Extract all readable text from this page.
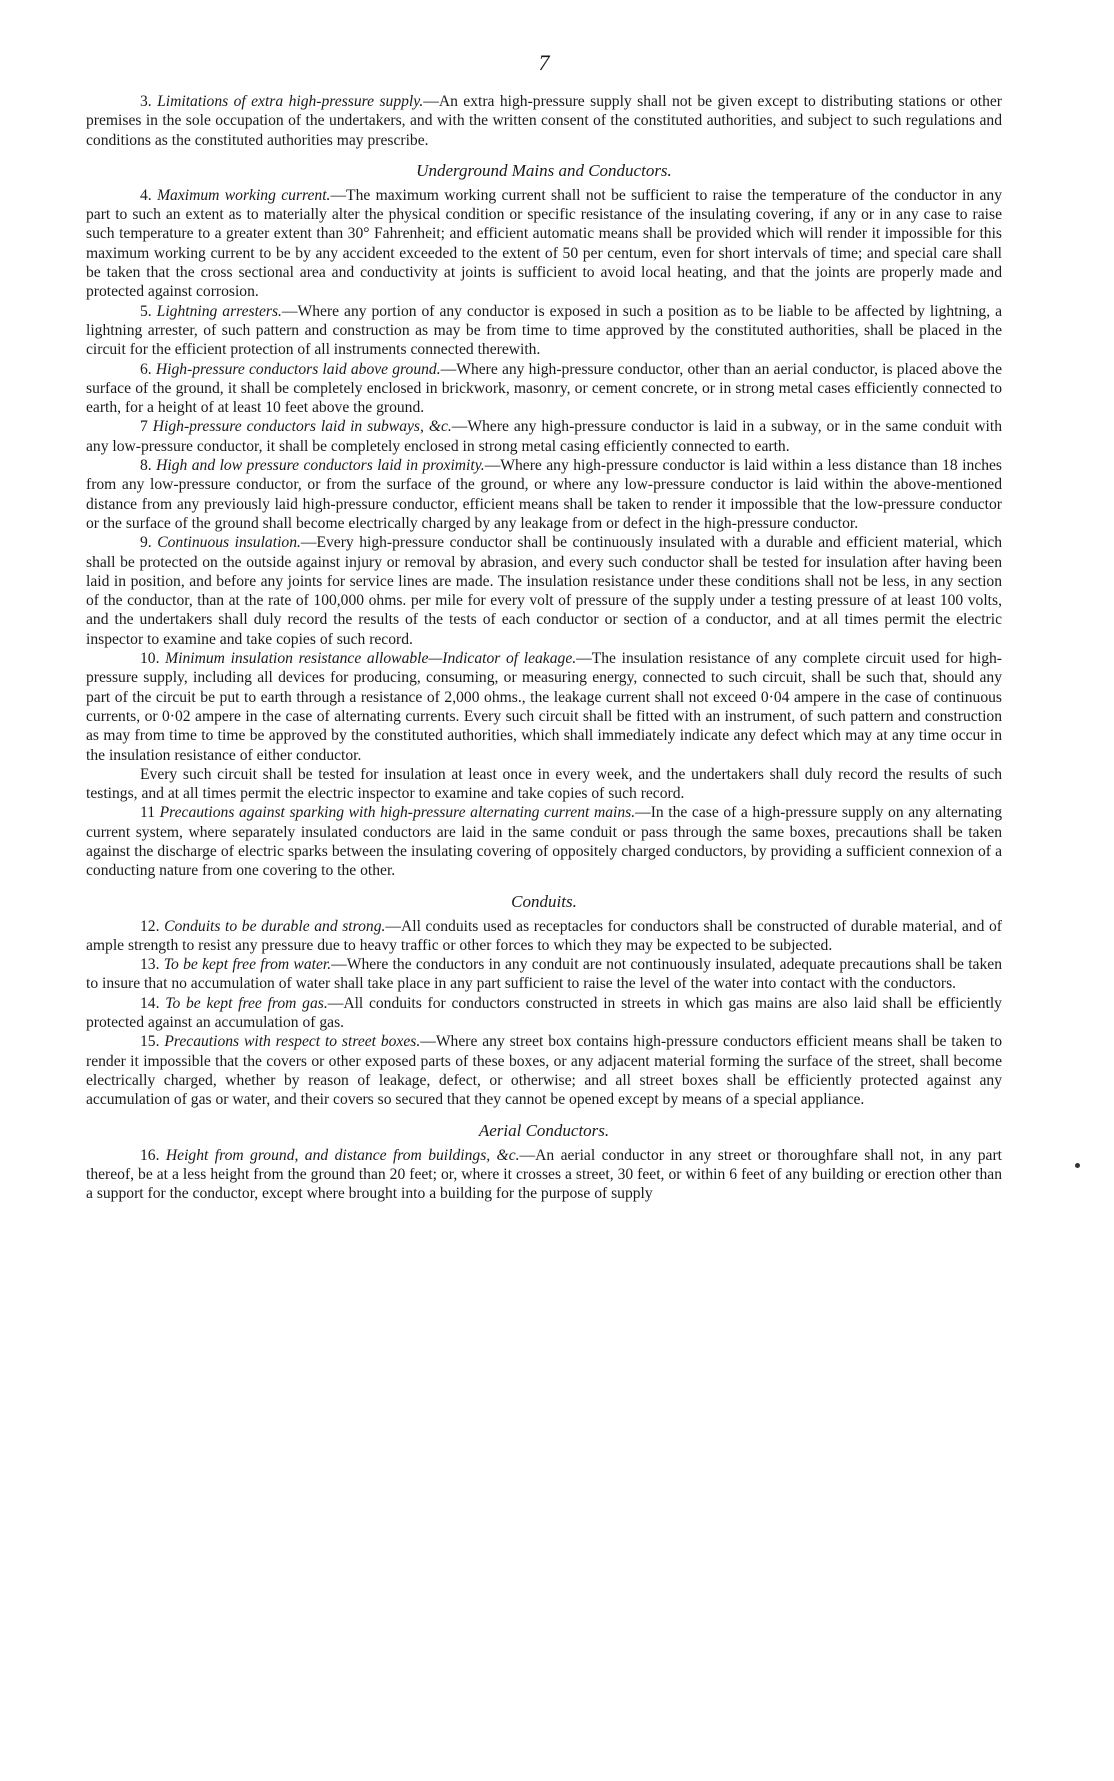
7

3. Limitations of extra high-pressure supply.—An extra high-pressure supply shall not be given except to distributing stations or other premises in the sole occupation of the undertakers, and with the written consent of the constituted authorities, and subject to such regulations and conditions as the constituted authorities may prescribe.

Underground Mains and Conductors.

4. Maximum working current.—The maximum working current shall not be sufficient to raise the temperature of the conductor in any part to such an extent as to materially alter the physical condition or specific resistance of the insulating covering, if any or in any case to raise such temperature to a greater extent than 30° Fahrenheit; and efficient automatic means shall be provided which will render it impossible for this maximum working current to be by any accident exceeded to the extent of 50 per centum, even for short intervals of time; and special care shall be taken that the cross sectional area and conductivity at joints is sufficient to avoid local heating, and that the joints are properly made and protected against corrosion.

5. Lightning arresters.—Where any portion of any conductor is exposed in such a position as to be liable to be affected by lightning, a lightning arrester, of such pattern and construction as may be from time to time approved by the constituted authorities, shall be placed in the circuit for the efficient protection of all instruments connected therewith.

6. High-pressure conductors laid above ground.—Where any high-pressure conductor, other than an aerial conductor, is placed above the surface of the ground, it shall be completely enclosed in brickwork, masonry, or cement concrete, or in strong metal cases efficiently connected to earth, for a height of at least 10 feet above the ground.

7 High-pressure conductors laid in subways, &c.—Where any high-pressure conductor is laid in a subway, or in the same conduit with any low-pressure conductor, it shall be completely enclosed in strong metal casing efficiently connected to earth.

8. High and low pressure conductors laid in proximity.—Where any high-pressure conductor is laid within a less distance than 18 inches from any low-pressure conductor, or from the surface of the ground, or where any low-pressure conductor is laid within the above-mentioned distance from any previously laid high-pressure conductor, efficient means shall be taken to render it impossible that the low-pressure conductor or the surface of the ground shall become electrically charged by any leakage from or defect in the high-pressure conductor.

9. Continuous insulation.—Every high-pressure conductor shall be continuously insulated with a durable and efficient material, which shall be protected on the outside against injury or removal by abrasion, and every such conductor shall be tested for insulation after having been laid in position, and before any joints for service lines are made. The insulation resistance under these conditions shall not be less, in any section of the conductor, than at the rate of 100,000 ohms. per mile for every volt of pressure of the supply under a testing pressure of at least 100 volts, and the undertakers shall duly record the results of the tests of each conductor or section of a conductor, and at all times permit the electric inspector to examine and take copies of such record.

10. Minimum insulation resistance allowable—Indicator of leakage.—The insulation resistance of any complete circuit used for high-pressure supply, including all devices for producing, consuming, or measuring energy, connected to such circuit, shall be such that, should any part of the circuit be put to earth through a resistance of 2,000 ohms., the leakage current shall not exceed 0·04 ampere in the case of continuous currents, or 0·02 ampere in the case of alternating currents. Every such circuit shall be fitted with an instrument, of such pattern and construction as may from time to time be approved by the constituted authorities, which shall immediately indicate any defect which may at any time occur in the insulation resistance of either conductor.

Every such circuit shall be tested for insulation at least once in every week, and the undertakers shall duly record the results of such testings, and at all times permit the electric inspector to examine and take copies of such record.

11 Precautions against sparking with high-pressure alternating current mains.—In the case of a high-pressure supply on any alternating current system, where separately insulated conductors are laid in the same conduit or pass through the same boxes, precautions shall be taken against the discharge of electric sparks between the insulating covering of oppositely charged conductors, by providing a sufficient connexion of a conducting nature from one covering to the other.

Conduits.

12. Conduits to be durable and strong.—All conduits used as receptacles for conductors shall be constructed of durable material, and of ample strength to resist any pressure due to heavy traffic or other forces to which they may be expected to be subjected.

13. To be kept free from water.—Where the conductors in any conduit are not continuously insulated, adequate precautions shall be taken to insure that no accumulation of water shall take place in any part sufficient to raise the level of the water into contact with the conductors.

14. To be kept free from gas.—All conduits for conductors constructed in streets in which gas mains are also laid shall be efficiently protected against an accumulation of gas.

15. Precautions with respect to street boxes.—Where any street box contains high-pressure conductors efficient means shall be taken to render it impossible that the covers or other exposed parts of these boxes, or any adjacent material forming the surface of the street, shall become electrically charged, whether by reason of leakage, defect, or otherwise; and all street boxes shall be efficiently protected against any accumulation of gas or water, and their covers so secured that they cannot be opened except by means of a special appliance.

Aerial Conductors.

16. Height from ground, and distance from buildings, &c.—An aerial conductor in any street or thoroughfare shall not, in any part thereof, be at a less height from the ground than 20 feet; or, where it crosses a street, 30 feet, or within 6 feet of any building or erection other than a support for the conductor, except where brought into a building for the purpose of supply
